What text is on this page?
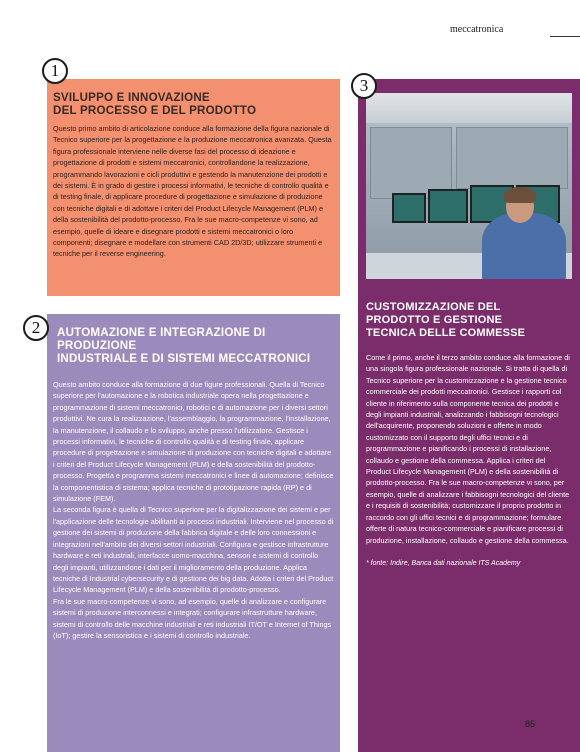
meccatronica
SVILUPPO E INNOVAZIONE
DEL PROCESSO E DEL PRODOTTO

Questo primo ambito di articolazione conduce alla formazione della figura nazionale di Tecnico superiore per la progettazione e la produzione meccatronica avanzata. Questa figura professionale interviene nelle diverse fasi del processo di ideazione e progettazione di prodotti e sistemi meccatronici, controllandone la realizzazione, programmando lavorazioni e cicli produttivi e gestendo la manutenzione dei prodotti e dei sistemi. È in grado di gestire i processi informativi, le tecniche di controllo qualità e di testing finale, di applicare procedure di progettazione e simulazione di produzione con tecniche digitali e di adottare i criteri del Product Lifecycle Management (PLM) e della sostenibilità del prodotto-processo. Fra le sue macro-competenze vi sono, ad esempio, quelle di ideare e disegnare prodotti e sistemi meccatronici o loro componenti; disegnare e modellare con strumenti CAD 2D/3D; utilizzare strumenti e tecniche per il reverse engineering.

1
AUTOMAZIONE E INTEGRAZIONE DI PRODUZIONE
INDUSTRIALE E DI SISTEMI MECCATRONICI

Questo ambito conduce alla formazione di due figure professionali. Quella di Tecnico superiore per l'automazione e la robotica industriale opera nella progettazione e programmazione di sistemi meccatronici, robotici e di automazione per i diversi settori produttivi. Ne cura la realizzazione, l'assemblaggio, la programmazione, l'installazione, la manutenzione, il collaudo e lo sviluppo, anche presso l'utilizzatore. Gestisce i processi informativi, le tecniche di controllo qualità e di testing finale, applicare procedure di progettazione e simulazione di produzione con tecniche digitali e adottare i criteri del Product Lifecycle Management (PLM) e della sostenibilità del prodotto-processo. Progetta e programma sistemi meccatronici e linee di automazione; definisce la componentistica di sistema; applica tecniche di prototipazione rapida (RP) e di simulazione (FEM).

La seconda figura è quella di Tecnico superiore per la digitalizzazione dei sistemi e per l'applicazione delle tecnologie abilitanti ai processi industriali. Interviene nel processo di gestione dei sistemi di produzione della fabbrica digitale e delle loro connessioni e integrazioni nell'ambito dei diversi settori industriali. Configura e gestisce infrastrutture hardware e reti industriali, interfacce uomo-macchina, sensori e sistemi di controllo degli impianti, utilizzandone i dati per il miglioramento della produzione. Applica tecniche di Industrial cybersecurity e di gestione dei big data. Adotta i criteri del Product Lifecycle Management (PLM) e della sostenibilità di prodotto-processo.

Fra le sue macro-competenze vi sono, ad esempio, quelle di analizzare e configurare sistemi di produzione interconnessi e integrati; configurare infrastrutture hardware, sistemi di controllo delle macchine industriali e reti industriali IT/OT e Internet of Things (IoT); gestire la sensoristica e i sistemi di controllo industriale.

2
CUSTOMIZZAZIONE DEL
PRODOTTO E GESTIONE
TECNICA DELLE COMMESSE

Come il primo, anche il terzo ambito conduce alla formazione di una singola figura professionale nazionale. Si tratta di quella di Tecnico superiore per la customizzazione e la gestione tecnico commerciale dei prodotti meccatronici. Gestisce i rapporti col cliente in riferimento sulla componente tecnica dei prodotti e degli impianti industriali, analizzando i fabbisogni tecnologici dell'acquirente, proponendo soluzioni e offerte in modo customizzato con il supporto degli uffici tecnici e di programmazione e pianificando i processi di installazione, collaudo e gestione della commessa. Applica i criteri del Product Lifecycle Management (PLM) e della sostenibilità di prodotto-processo. Fra le sue macro-competenze vi sono, per esempio, quelle di analizzare i fabbisogni tecnologici del cliente e i requisiti di sostenibilità; customizzare il proprio prodotto in raccordo con gli uffici tecnici e di programmazione; formulare offerte di natura tecnico-commerciale e pianificare processi di produzione, installazione, collaudo e gestione della commessa.

* fonte: Indire, Banca dati nazionale ITS Academy
3
85
